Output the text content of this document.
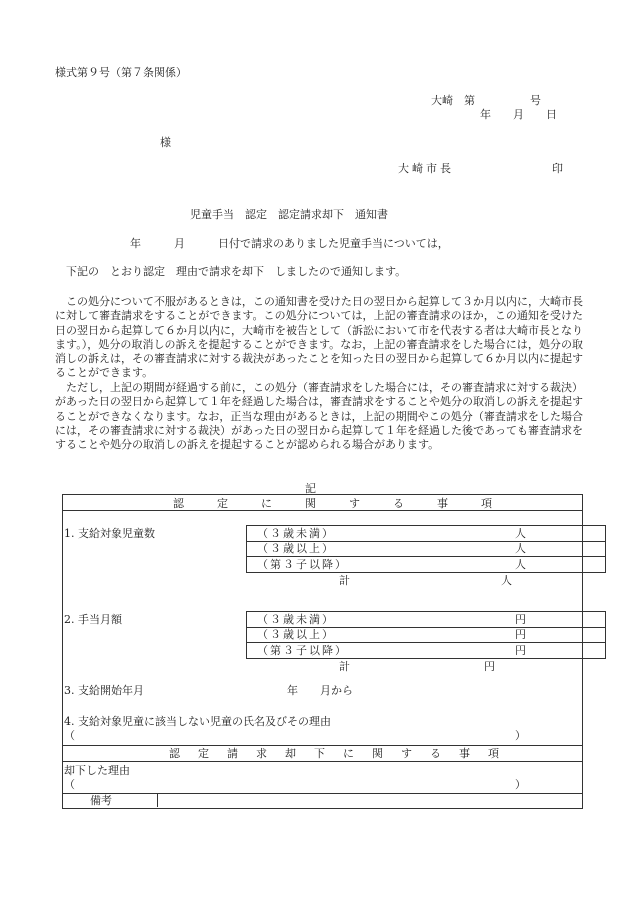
様式第９号（第７条関係）
大崎　第　　　　　号
年　　月　　日
様
大崎市長	印
児童手当　認定　認定請求却下　通知書
年　　　月　　　日付で請求のありました児童手当については，
下記の　とおり認定　理由で請求を却下　しましたので通知します。
この処分について不服があるときは，この通知書を受けた日の翌日から起算して３か月以内に，大崎市長に対して審査請求をすることができます。この処分については，上記の審査請求のほか，この通知を受けた日の翌日から起算して６か月以内に，大崎市を被告として（訴訟において市を代表する者は大崎市長となります。），処分の取消しの訴えを提起することができます。なお，上記の審査請求をした場合には，処分の取消しの訴えは，その審査請求に対する裁決があったことを知った日の翌日から起算して６か月以内に提起することができます。
ただし，上記の期間が経過する前に，この処分（審査請求をした場合には，その審査請求に対する裁決）があった日の翌日から起算して１年を経過した場合は，審査請求をすることや処分の取消しの訴えを提起することができなくなります。なお，正当な理由があるときは，上記の期間やこの処分（審査請求をした場合には，その審査請求に対する裁決）があった日の翌日から起算して１年を経過した後であっても審査請求をすることや処分の取消しの訴えを提起することが認められる場合があります。
記
認	定	に	関	す	る	事	項
1. 支給対象児童数	（３歳未満）	人
（３歳以上）	人
（第３子以降）	人
計	人
2. 手当月額	（３歳未満）	円
（３歳以上）	円
（第３子以降）	円
計	円
3. 支給開始年月	年　　月から
4. 支給対象児童に該当しない児童の氏名及びその理由
（	）
認 定 請 求 却 下 に 関 す る 事 項
却下した理由
（	）
備考
